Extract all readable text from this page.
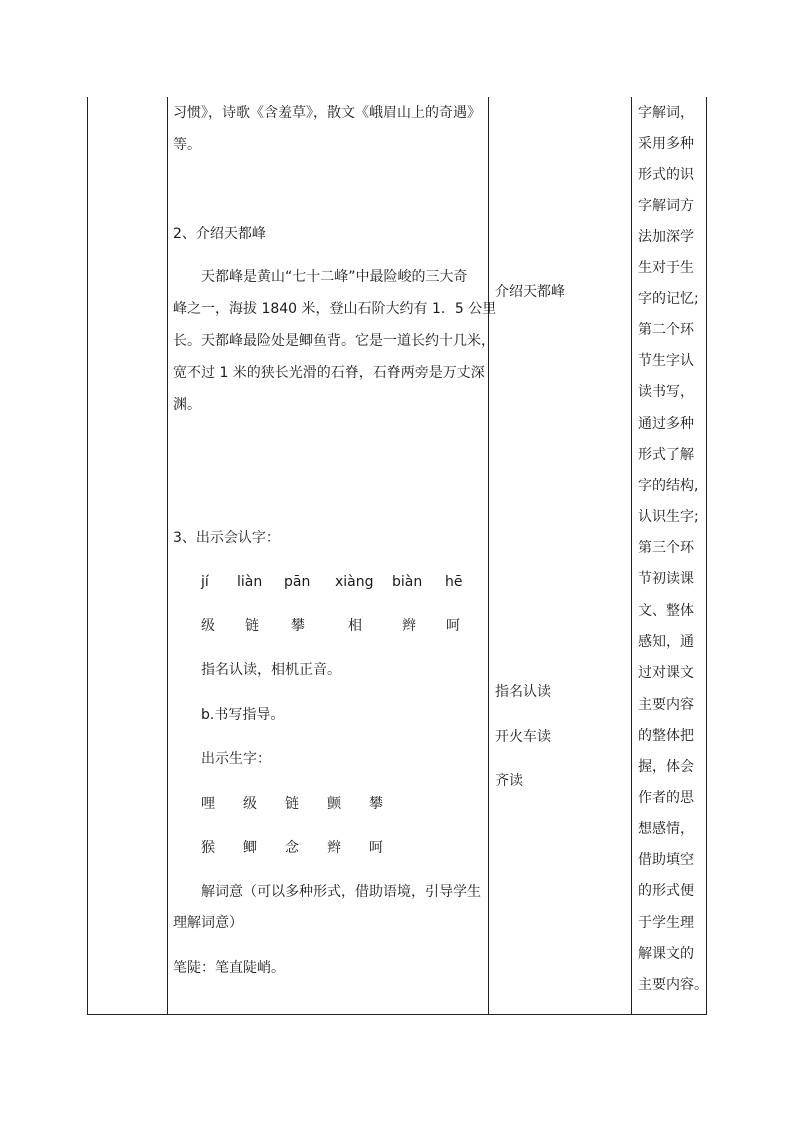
习惯》，诗歌《含羞草》，散文《峨眉山上的奇遇》
等。
2、介绍天都峰
天都峰是黄山“七十二峰”中最险峻的三大奇
峰之一，海拔 1840 米，登山石阶大约有 1．5 公里
长。天都峰最险处是鲫鱼背。它是一道长约十几米，
宽不过 1 米的狭长光滑的石脊，石脊两旁是万丈深
渊。
3、出示会认字：
jí liàn pān xiàng biàn hē
级 链 攀	相	辫 呵
指名认读，相机正音。
b.书写指导。
出示生字：
哩 级 链 颤 攀
猴 鲫 念 辫 呵
解词意（可以多种形式，借助语境，引导学生
理解词意）
笔陡：笔直陡峭。
介绍天都峰
指名认读
开火车读
齐读
字解词，
采用多种
形式的识
字解词方
法加深学
生对于生
字的记忆;
第二个环
节生字认
读书写，
通过多种
形式了解
字的结构,
认识生字;
第三个环
节初读课
文、整体
感知，通
过对课文
主要内容
的整体把
握，体会
作者的思
想感情，
借助填空
的形式便
于学生理
解课文的
主要内容。
